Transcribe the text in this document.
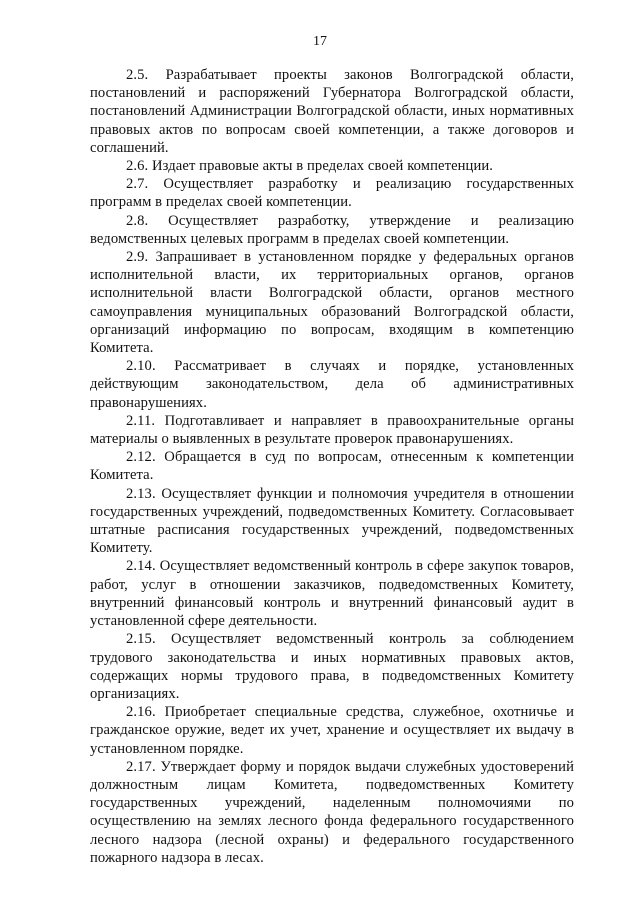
17

2.5. Разрабатывает проекты законов Волгоградской области, постановлений и распоряжений Губернатора Волгоградской области, постановлений Администрации Волгоградской области, иных нормативных правовых актов по вопросам своей компетенции, а также договоров и соглашений.

2.6. Издает правовые акты в пределах своей компетенции.

2.7. Осуществляет разработку и реализацию государственных программ в пределах своей компетенции.

2.8. Осуществляет разработку, утверждение и реализацию ведомственных целевых программ в пределах своей компетенции.

2.9. Запрашивает в установленном порядке у федеральных органов исполнительной власти, их территориальных органов, органов исполнительной власти Волгоградской области, органов местного самоуправления муниципальных образований Волгоградской области, организаций информацию по вопросам, входящим в компетенцию Комитета.

2.10. Рассматривает в случаях и порядке, установленных действующим законодательством, дела об административных правонарушениях.

2.11. Подготавливает и направляет в правоохранительные органы материалы о выявленных в результате проверок правонарушениях.

2.12. Обращается в суд по вопросам, отнесенным к компетенции Комитета.

2.13. Осуществляет функции и полномочия учредителя в отношении государственных учреждений, подведомственных Комитету. Согласовывает штатные расписания государственных учреждений, подведомственных Комитету.

2.14. Осуществляет ведомственный контроль в сфере закупок товаров, работ, услуг в отношении заказчиков, подведомственных Комитету, внутренний финансовый контроль и внутренний финансовый аудит в установленной сфере деятельности.

2.15. Осуществляет ведомственный контроль за соблюдением трудового законодательства и иных нормативных правовых актов, содержащих нормы трудового права, в подведомственных Комитету организациях.

2.16. Приобретает специальные средства, служебное, охотничье и гражданское оружие, ведет их учет, хранение и осуществляет их выдачу в установленном порядке.

2.17. Утверждает форму и порядок выдачи служебных удостоверений должностным лицам Комитета, подведомственных Комитету государственных учреждений, наделенным полномочиями по осуществлению на землях лесного фонда федерального государственного лесного надзора (лесной охраны) и федерального государственного пожарного надзора в лесах.
